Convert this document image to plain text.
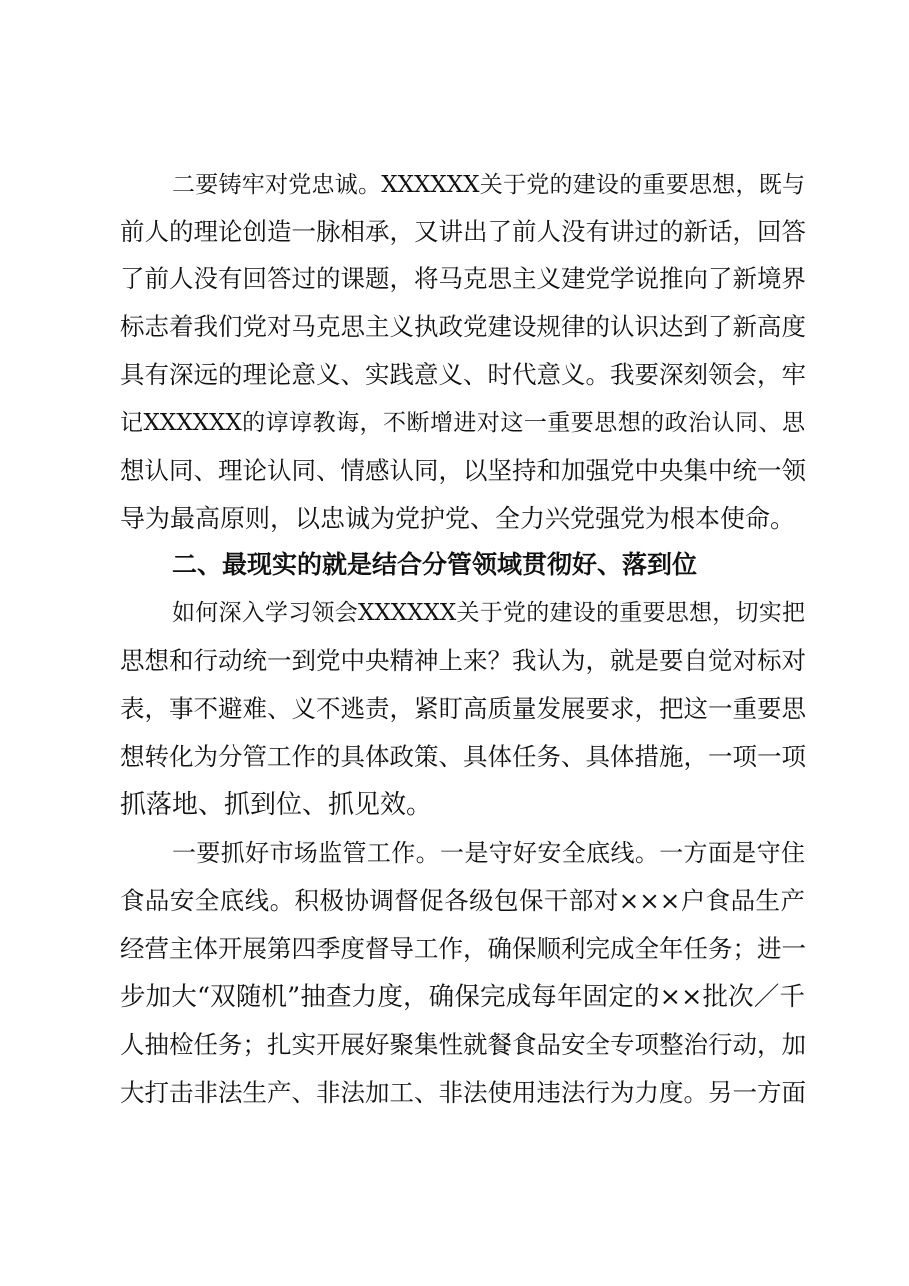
二要铸牢对党忠诚。XXXXXX关于党的建设的重要思想，既与
前人的理论创造一脉相承，又讲出了前人没有讲过的新话，回答
了前人没有回答过的课题，将马克思主义建党学说推向了新境界
标志着我们党对马克思主义执政党建设规律的认识达到了新高度
具有深远的理论意义、实践意义、时代意义。我要深刻领会，牢
记XXXXXX的谆谆教诲，不断增进对这一重要思想的政治认同、思
想认同、理论认同、情感认同，以坚持和加强党中央集中统一领
导为最高原则，以忠诚为党护党、全力兴党强党为根本使命。
二、最现实的就是结合分管领域贯彻好、落到位
如何深入学习领会XXXXXX关于党的建设的重要思想，切实把
思想和行动统一到党中央精神上来？我认为，就是要自觉对标对
表，事不避难、义不逃责，紧盯高质量发展要求，把这一重要思
想转化为分管工作的具体政策、具体任务、具体措施，一项一项
抓落地、抓到位、抓见效。
一要抓好市场监管工作。一是守好安全底线。一方面是守住
食品安全底线。积极协调督促各级包保干部对×××户食品生产
经营主体开展第四季度督导工作，确保顺利完成全年任务；进一
步加大“双随机”抽查力度，确保完成每年固定的××批次／千
人抽检任务；扎实开展好聚集性就餐食品安全专项整治行动，加
大打击非法生产、非法加工、非法使用违法行为力度。另一方面
